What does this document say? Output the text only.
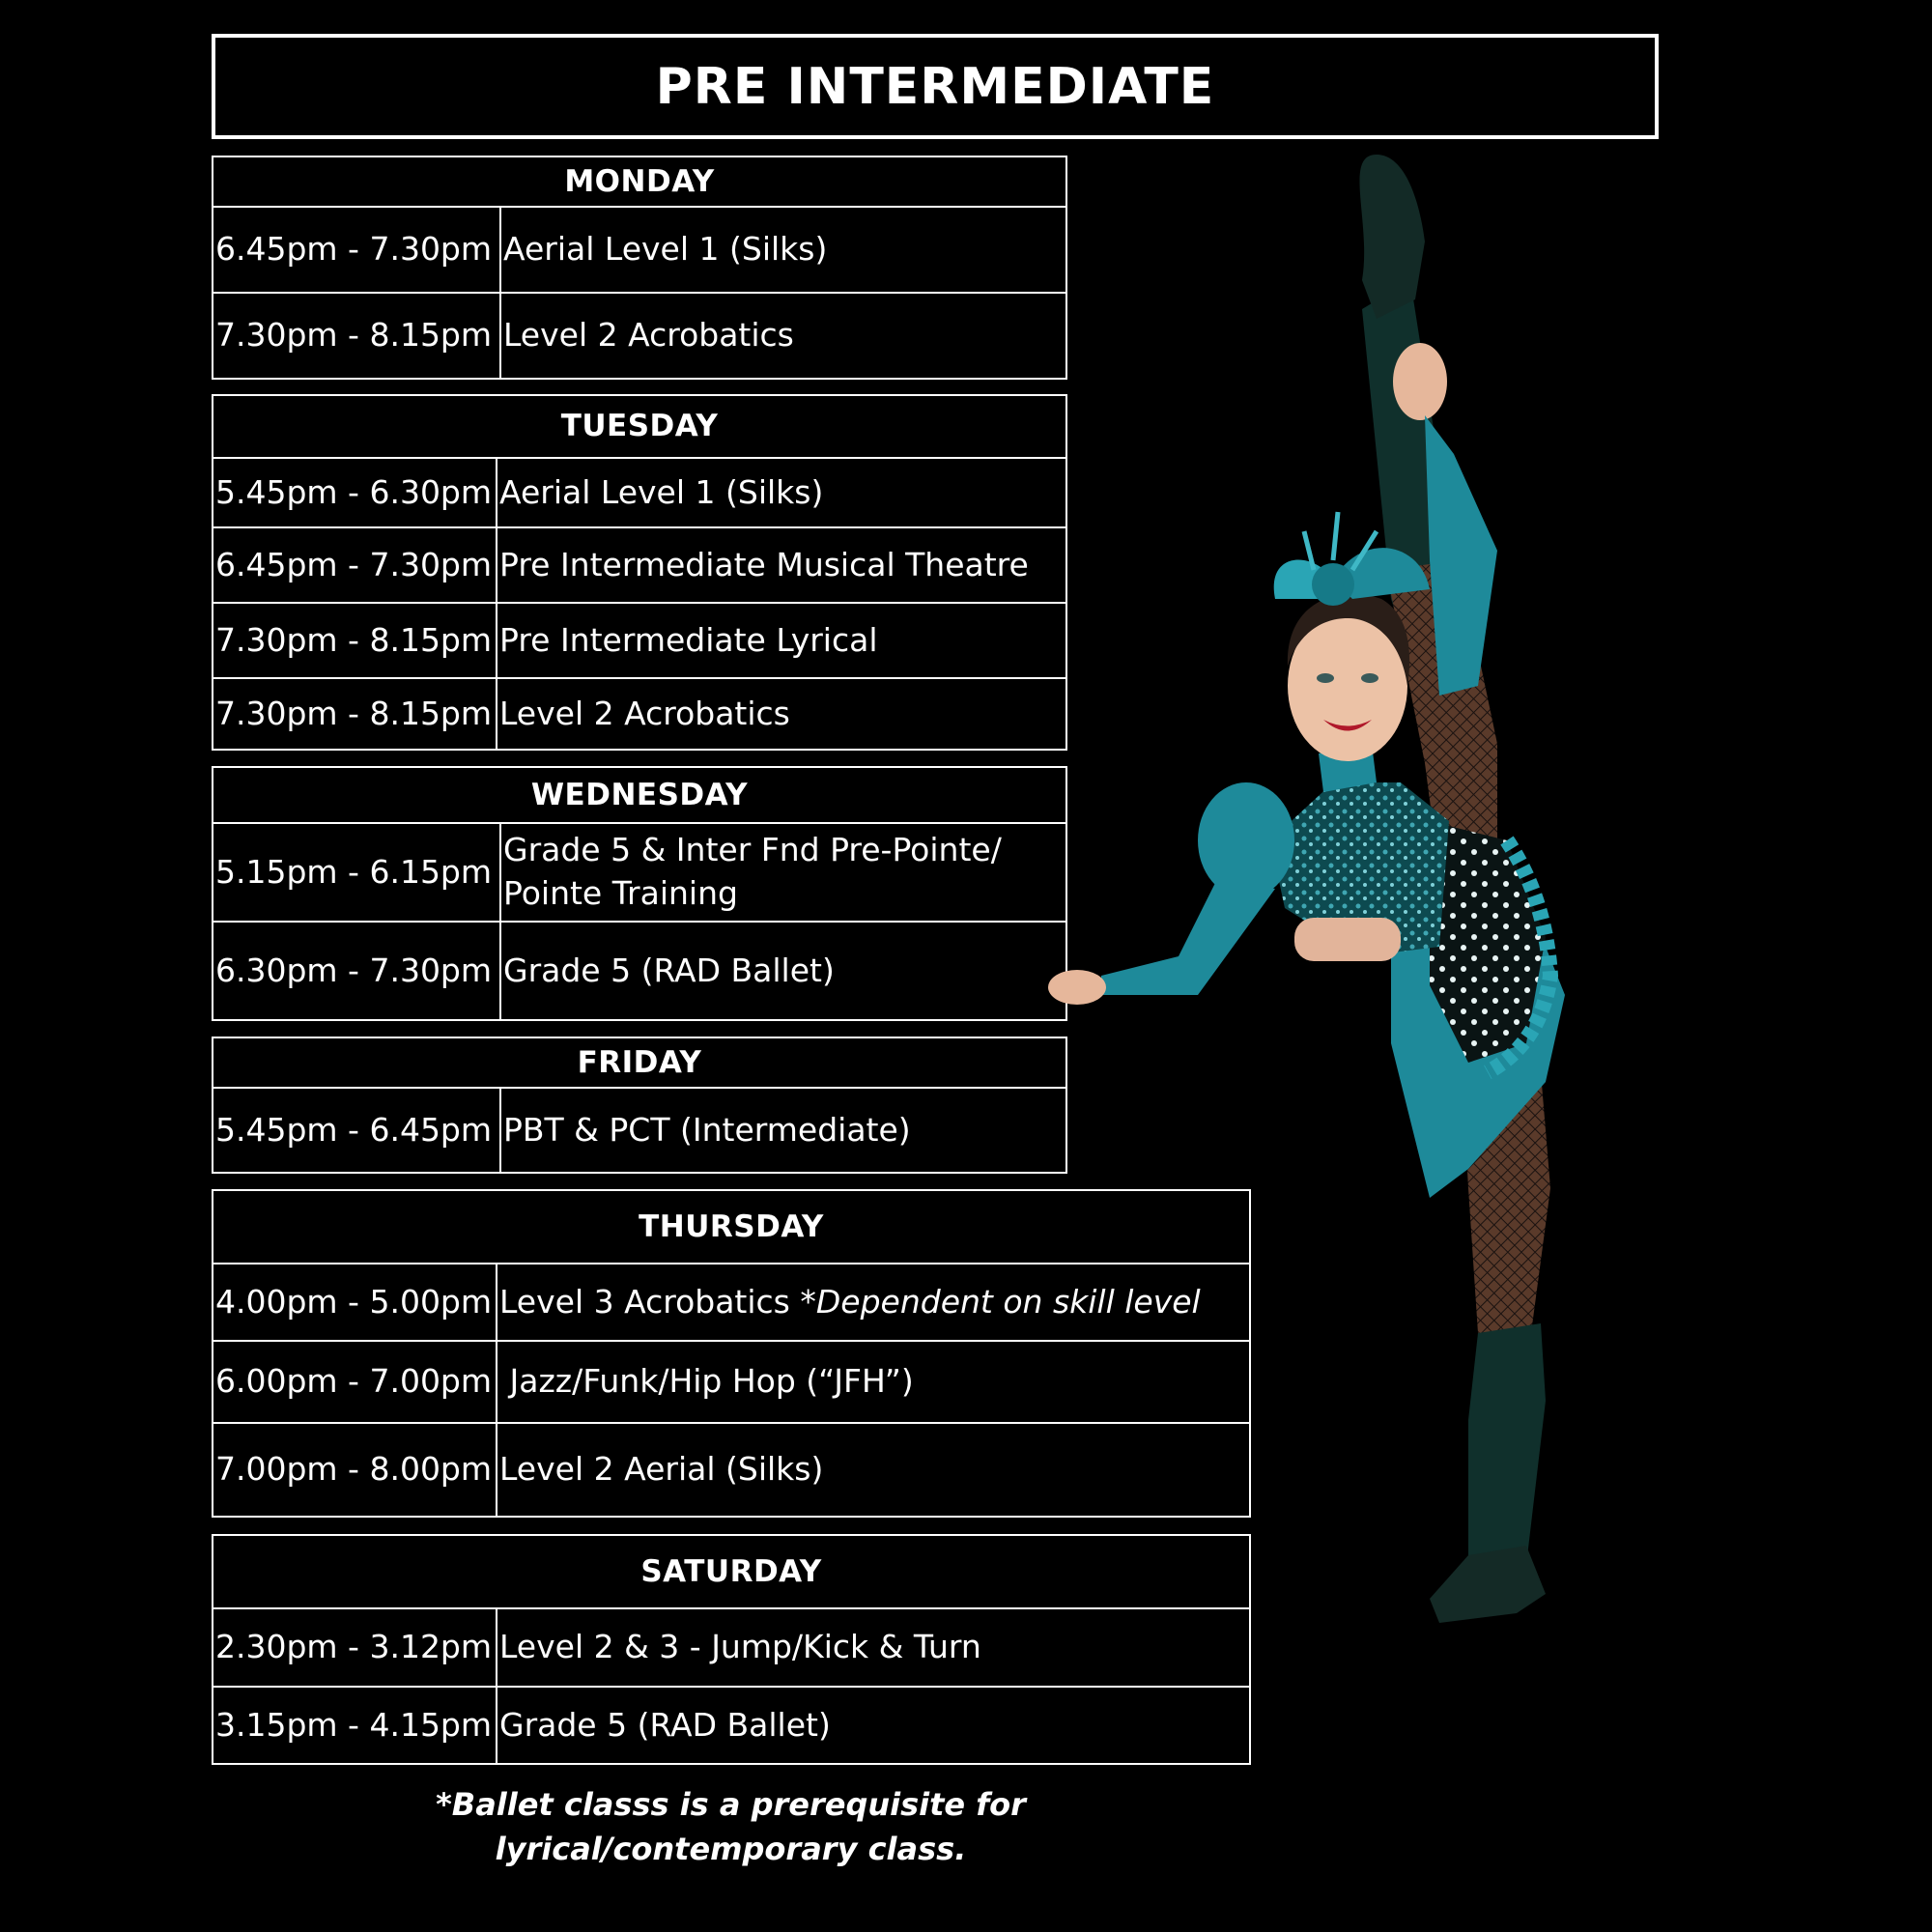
PRE INTERMEDIATE
MONDAY	
6.45pm - 7.30pm	Aerial Level 1 (Silks)
7.30pm - 8.15pm	Level 2 Acrobatics
TUESDAY	
5.45pm - 6.30pm	Aerial Level 1 (Silks)
6.45pm - 7.30pm	Pre Intermediate Musical Theatre
7.30pm - 8.15pm	Pre Intermediate Lyrical
7.30pm - 8.15pm	Level 2 Acrobatics
WEDNESDAY	
5.15pm - 6.15pm	Grade 5 & Inter Fnd Pre-Pointe/ Pointe Training
6.30pm - 7.30pm	Grade 5 (RAD Ballet)
FRIDAY
5.45pm - 6.45pm	PBT & PCT (Intermediate)
THURSDAY	
4.00pm - 5.00pm	Level 3 Acrobatics *Dependent on skill level
6.00pm - 7.00pm	Jazz/Funk/Hip Hop (“JFH”)
7.00pm - 8.00pm	Level 2 Aerial (Silks)
SATURDAY	
2.30pm - 3.12pm	Level 2 & 3 - Jump/Kick & Turn
3.15pm - 4.15pm	Grade 5 (RAD Ballet)
*Ballet classs is a prerequisite for
lyrical/contemporary class.
